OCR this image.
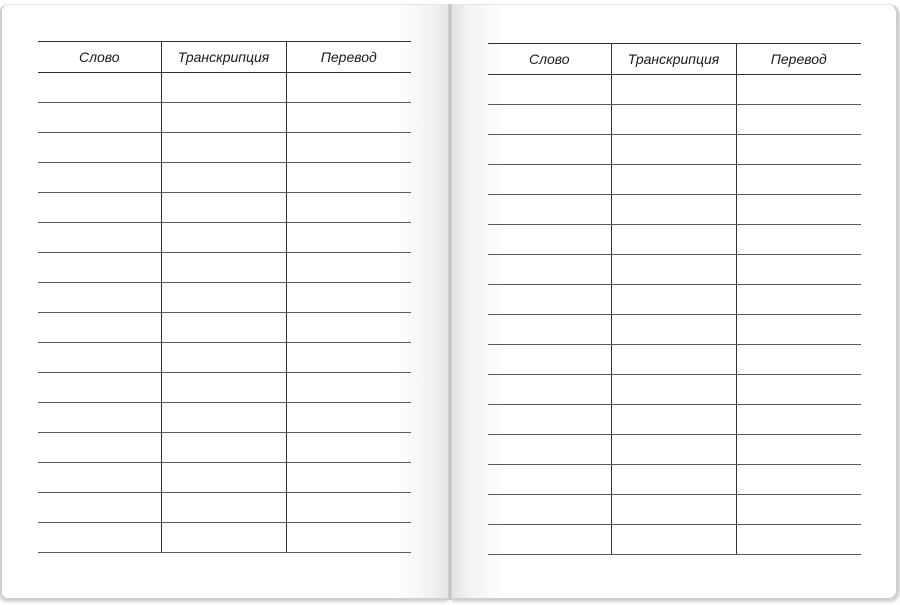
Слово	Транскрипция	Перевод

			Слово	Транскрипция	Перевод
